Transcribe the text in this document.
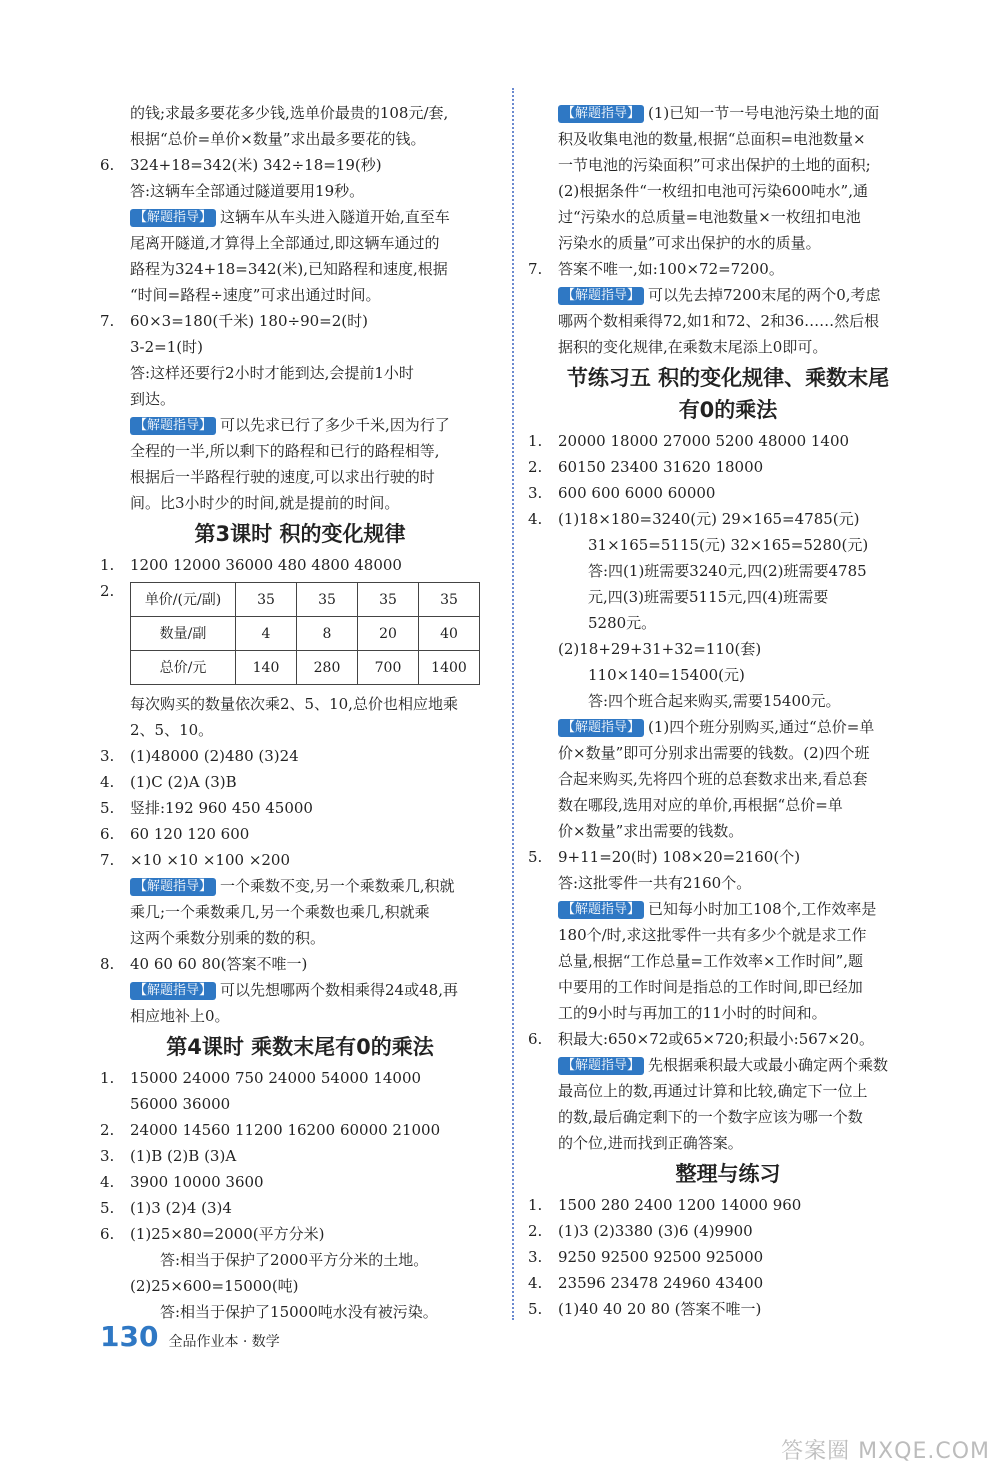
的钱;求最多要花多少钱,选单价最贵的108元/套,
根据“总价=单价×数量”求出最多要花的钱。
6.	324+18=342(米) 342÷18=19(秒)
答:这辆车全部通过隧道要用19秒。
【解题指导】 这辆车从车头进入隧道开始,直至车
尾离开隧道,才算得上全部通过,即这辆车通过的
路程为324+18=342(米),已知路程和速度,根据
“时间=路程÷速度”可求出通过时间。
7.	60×3=180(千米) 180÷90=2(时)
3-2=1(时)
答:这样还要行2小时才能到达,会提前1小时
到达。
【解题指导】 可以先求已行了多少千米,因为行了
全程的一半,所以剩下的路程和已行的路程相等,
根据后一半路程行驶的速度,可以求出行驶的时
间。比3小时少的时间,就是提前的时间。
第3课时 积的变化规律
1.	1200 12000 36000 480 4800 48000
2.	单价/(元/副)	35	35	35	35
数量/副	4	8	20	40
总价/元	140	280	700	1400
每次购买的数量依次乘2、5、10,总价也相应地乘
2、5、10。
3.	(1)48000 (2)480 (3)24
4.	(1)C (2)A (3)B
5.	竖排:192 960 450 45000
6.	60 120 120 600
7.	×10 ×10 ×100 ×200
【解题指导】 一个乘数不变,另一个乘数乘几,积就
乘几;一个乘数乘几,另一个乘数也乘几,积就乘
这两个乘数分别乘的数的积。
8.	40 60 60 80(答案不唯一)
【解题指导】 可以先想哪两个数相乘得24或48,再
相应地补上0。
第4课时 乘数末尾有0的乘法
1.	15000 24000 750 24000 54000 14000
56000 36000
2.	24000 14560 11200 16200 60000 21000
3.	(1)B (2)B (3)A
4.	3900 10000 3600
5.	(1)3 (2)4 (3)4
6.	(1)25×80=2000(平方分米)
答:相当于保护了2000平方分米的土地。
(2)25×600=15000(吨)
答:相当于保护了15000吨水没有被污染。
【解题指导】 (1)已知一节一号电池污染土地的面
积及收集电池的数量,根据“总面积=电池数量×
一节电池的污染面积”可求出保护的土地的面积;
(2)根据条件“一枚纽扣电池可污染600吨水”,通
过“污染水的总质量=电池数量×一枚纽扣电池
污染水的质量”可求出保护的水的质量。
7.	答案不唯一,如:100×72=7200。
【解题指导】 可以先去掉7200末尾的两个0,考虑
哪两个数相乘得72,如1和72、2和36……然后根
据积的变化规律,在乘数末尾添上0即可。
节练习五 积的变化规律、乘数末尾
有0的乘法
1.	20000 18000 27000 5200 48000 1400
2.	60150 23400 31620 18000
3.	600 600 6000 60000
4.	(1)18×180=3240(元) 29×165=4785(元)
31×165=5115(元) 32×165=5280(元)
答:四(1)班需要3240元,四(2)班需要4785
元,四(3)班需要5115元,四(4)班需要
5280元。
(2)18+29+31+32=110(套)
110×140=15400(元)
答:四个班合起来购买,需要15400元。
【解题指导】 (1)四个班分别购买,通过“总价=单
价×数量”即可分别求出需要的钱数。(2)四个班
合起来购买,先将四个班的总套数求出来,看总套
数在哪段,选用对应的单价,再根据“总价=单
价×数量”求出需要的钱数。
5.	9+11=20(时) 108×20=2160(个)
答:这批零件一共有2160个。
【解题指导】 已知每小时加工108个,工作效率是
180个/时,求这批零件一共有多少个就是求工作
总量,根据“工作总量=工作效率×工作时间”,题
中要用的工作时间是指总的工作时间,即已经加
工的9小时与再加工的11小时的时间和。
6.	积最大:650×72或65×720;积最小:567×20。
【解题指导】 先根据乘积最大或最小确定两个乘数
最高位上的数,再通过计算和比较,确定下一位上
的数,最后确定剩下的一个数字应该为哪一个数
的个位,进而找到正确答案。
整理与练习
1.	1500 280 2400 1200 14000 960
2.	(1)3 (2)3380 (3)6 (4)9900
3.	9250 92500 92500 925000
4.	23596 23478 24960 43400
5.	(1)40 40 20 80 (答案不唯一)
130 全品作业本 · 数学
答案圈 MXQE.COM
